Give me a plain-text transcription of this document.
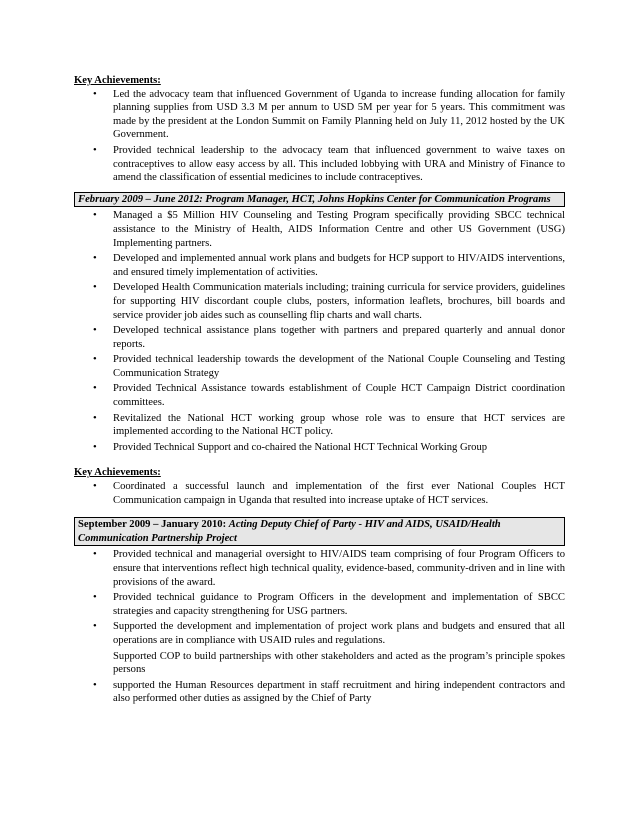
Key Achievements:

• Led the advocacy team that influenced Government of Uganda to increase funding allocation for family planning supplies from USD 3.3 M per annum to USD 5M per year for 5 years. This commitment was made by the president at the London Summit on Family Planning held on July 11, 2012 hosted by the UK Government.
• Provided technical leadership to the advocacy team that influenced government to waive taxes on contraceptives to allow easy access by all. This included lobbying with URA and Ministry of Finance to amend the classification of essential medicines to include contraceptives.
February 2009 – June 2012: Program Manager, HCT, Johns Hopkins Center for Communication Programs
• Managed a $5 Million HIV Counseling and Testing Program specifically providing SBCC technical assistance to the Ministry of Health, AIDS Information Centre and other US Government (USG) Implementing partners.
• Developed and implemented annual work plans and budgets for HCP support to HIV/AIDS interventions, and ensured timely implementation of activities.
• Developed Health Communication materials including; training curricula for service providers, guidelines for supporting HIV discordant couple clubs, posters, information leaflets, brochures, bill boards and service provider job aides such as counselling flip charts and wall charts.
• Developed technical assistance plans together with partners and prepared quarterly and annual donor reports.
• Provided technical leadership towards the development of the National Couple Counseling and Testing Communication Strategy
• Provided Technical Assistance towards establishment of Couple HCT Campaign District coordination committees.
• Revitalized the National HCT working group whose role was to ensure that HCT services are implemented according to the National HCT policy.
• Provided Technical Support and co-chaired the National HCT Technical Working Group

Key Achievements:

• Coordinated a successful launch and implementation of the first ever National Couples HCT Communication campaign in Uganda that resulted into increase uptake of HCT services.
September 2009 – January 2010: Acting Deputy Chief of Party - HIV and AIDS, USAID/Health Communication Partnership Project
• Provided technical and managerial oversight to HIV/AIDS team comprising of four Program Officers to ensure that interventions reflect high technical quality, evidence-based, community-driven and in line with provisions of the award.
• Provided technical guidance to Program Officers in the development and implementation of SBCC strategies and capacity strengthening for USG partners.
• Supported the development and implementation of project work plans and budgets and ensured that all operations are in compliance with USAID rules and regulations.
Supported COP to build partnerships with other stakeholders and acted as the program’s principle spokes persons
• supported the Human Resources department in staff recruitment and hiring independent contractors and also performed other duties as assigned by the Chief of Party
